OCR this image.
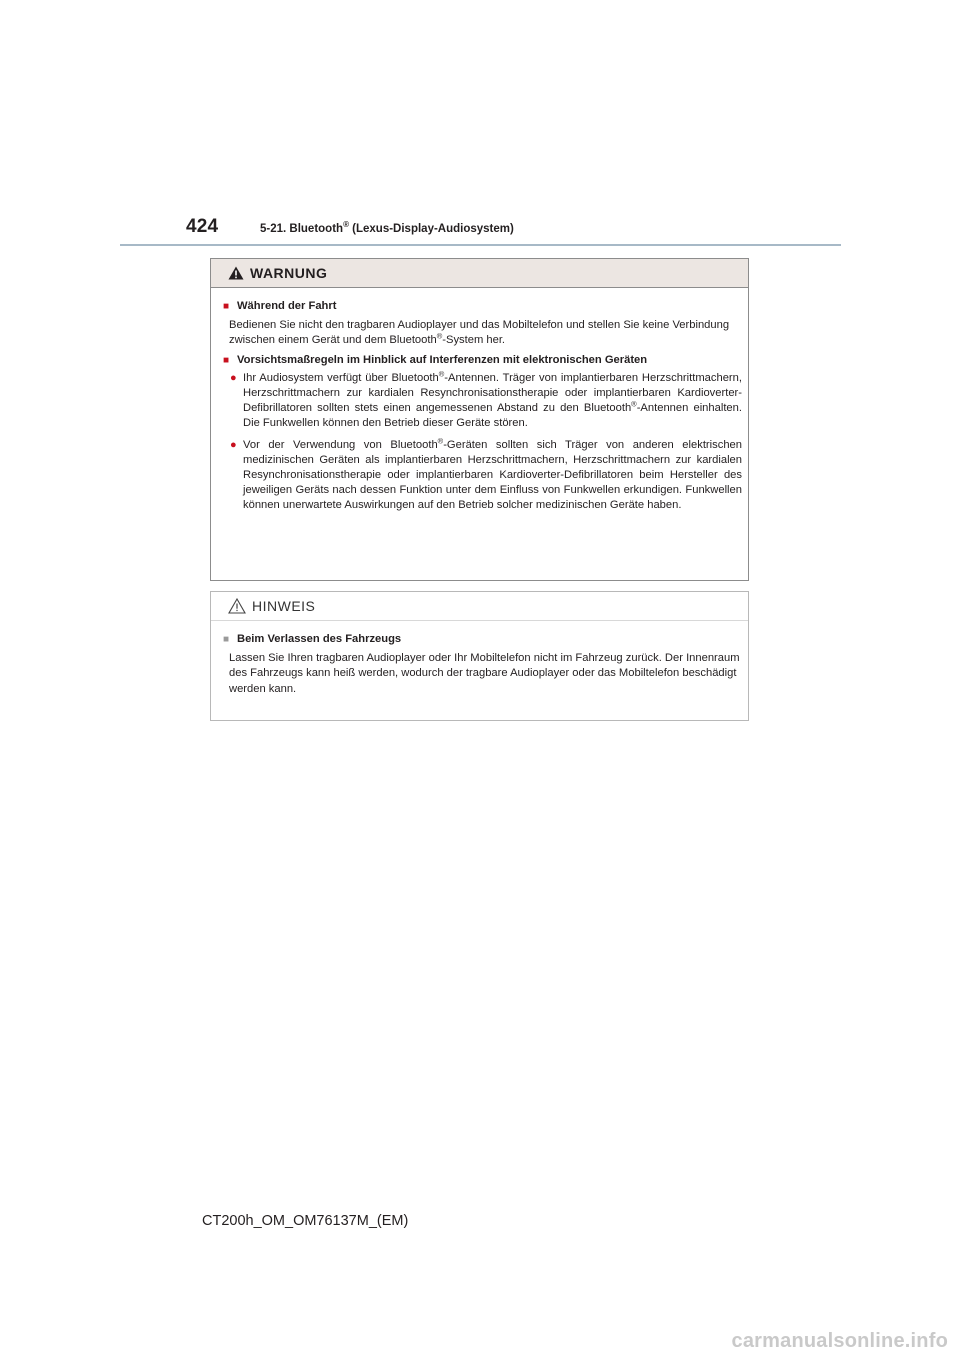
424	5-21. Bluetooth® (Lexus-Display-Audiosystem)
WARNUNG
■ Während der Fahrt
Bedienen Sie nicht den tragbaren Audioplayer und das Mobiltelefon und stellen Sie keine Verbindung zwischen einem Gerät und dem Bluetooth®-System her.
■ Vorsichtsmaßregeln im Hinblick auf Interferenzen mit elektronischen Geräten
● Ihr Audiosystem verfügt über Bluetooth®-Antennen. Träger von implantierbaren Herzschrittmachern, Herzschrittmachern zur kardialen Resynchronisationstherapie oder implantierbaren Kardioverter-Defibrillatoren sollten stets einen angemessenen Abstand zu den Bluetooth®-Antennen einhalten. Die Funkwellen können den Betrieb dieser Geräte stören.
● Vor der Verwendung von Bluetooth®-Geräten sollten sich Träger von anderen elektrischen medizinischen Geräten als implantierbaren Herzschrittmachern, Herzschrittmachern zur kardialen Resynchronisationstherapie oder implantierbaren Kardioverter-Defibrillatoren beim Hersteller des jeweiligen Geräts nach dessen Funktion unter dem Einfluss von Funkwellen erkundigen. Funkwellen können unerwartete Auswirkungen auf den Betrieb solcher medizinischen Geräte haben.
HINWEIS
■ Beim Verlassen des Fahrzeugs
Lassen Sie Ihren tragbaren Audioplayer oder Ihr Mobiltelefon nicht im Fahrzeug zurück. Der Innenraum des Fahrzeugs kann heiß werden, wodurch der tragbare Audioplayer oder das Mobiltelefon beschädigt werden kann.
CT200h_OM_OM76137M_(EM)
carmanualsonline.info
